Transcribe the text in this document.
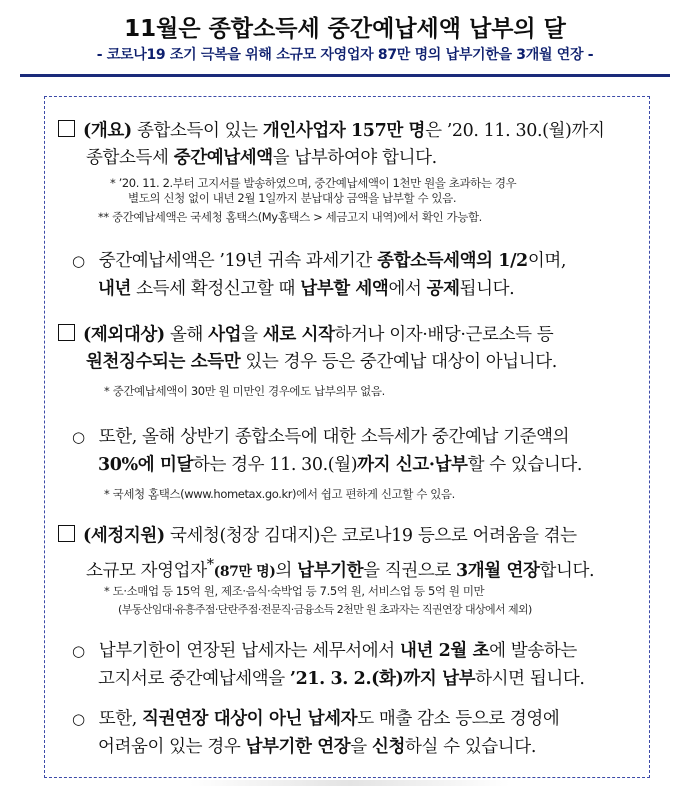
11월은 종합소득세 중간예납세액 납부의 달
- 코로나19 조기 극복을 위해 소규모 자영업자 87만 명의 납부기한을 3개월 연장 -
(개요) 종합소득이 있는 개인사업자 157만 명은 ’20. 11. 30.(월)까지
종합소득세 중간예납세액을 납부하여야 합니다.
* ’20. 11. 2.부터 고지서를 발송하였으며, 중간예납세액이 1천만 원을 초과하는 경우
별도의 신청 없이 내년 2월 1일까지 분납대상 금액을 납부할 수 있음.
** 중간예납세액은 국세청 홈택스(My홈택스 > 세금고지 내역)에서 확인 가능함.
○ 중간예납세액은 ’19년 귀속 과세기간 종합소득세액의 1/2이며,
내년 소득세 확정신고할 때 납부할 세액에서 공제됩니다.
(제외대상) 올해 사업을 새로 시작하거나 이자·배당·근로소득 등
원천징수되는 소득만 있는 경우 등은 중간예납 대상이 아닙니다.
* 중간예납세액이 30만 원 미만인 경우에도 납부의무 없음.
○ 또한, 올해 상반기 종합소득에 대한 소득세가 중간예납 기준액의
30%에 미달하는 경우 11. 30.(월)까지 신고·납부할 수 있습니다.
* 국세청 홈택스(www.hometax.go.kr)에서 쉽고 편하게 신고할 수 있음.
(세정지원) 국세청(청장 김대지)은 코로나19 등으로 어려움을 겪는
소규모 자영업자*(87만 명)의 납부기한을 직권으로 3개월 연장합니다.
* 도·소매업 등 15억 원, 제조·음식·숙박업 등 7.5억 원, 서비스업 등 5억 원 미만
(부동산임대·유흥주점·단란주점·전문직·금융소득 2천만 원 초과자는 직권연장 대상에서 제외)
○ 납부기한이 연장된 납세자는 세무서에서 내년 2월 초에 발송하는
고지서로 중간예납세액을 ’21. 3. 2.(화)까지 납부하시면 됩니다.
○ 또한, 직권연장 대상이 아닌 납세자도 매출 감소 등으로 경영에
어려움이 있는 경우 납부기한 연장을 신청하실 수 있습니다.
